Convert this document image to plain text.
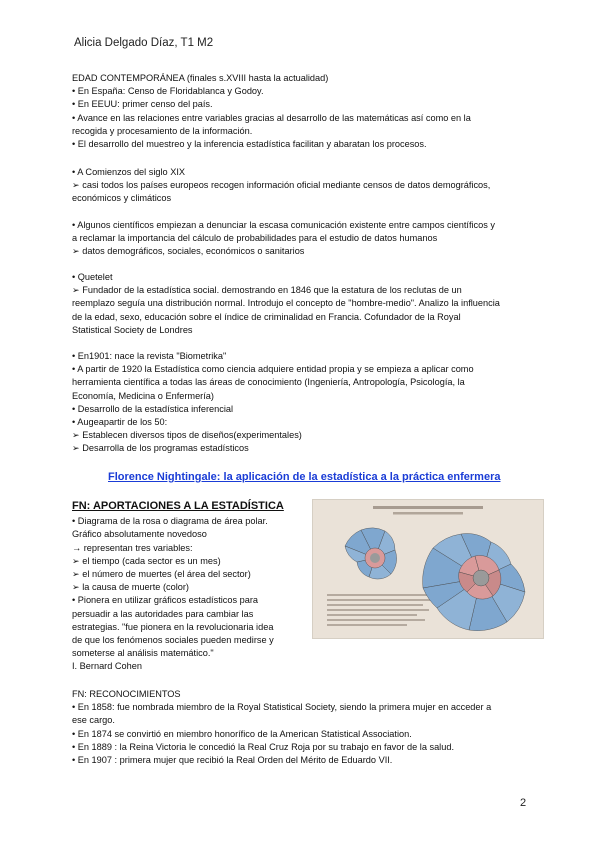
Alicia Delgado Díaz, T1 M2
EDAD CONTEMPORÁNEA (finales s.XVIII hasta la actualidad)
• En España: Censo de Floridablanca y Godoy.
• En EEUU: primer censo del país.
• Avance en las relaciones entre variables gracias al desarrollo de las matemáticas así como en la
recogida y procesamiento de la información.
• El desarrollo del muestreo y la inferencia estadística facilitan y abaratan los procesos.
• A Comienzos del siglo XIX
➢ casi todos los países europeos recogen información oficial mediante censos de datos demográficos,
económicos y climáticos
• Algunos científicos empiezan a denunciar la escasa comunicación existente entre campos científicos y
a reclamar la importancia del cálculo de probabilidades para el estudio de datos humanos
➢ datos demográficos, sociales, económicos o sanitarios
• Quetelet
➢ Fundador de la estadística social. demostrando en 1846 que la estatura de los reclutas de un
reemplazo seguía una distribución normal. Introdujo el concepto de "hombre-medio". Analizo la influencia
de la edad, sexo, educación sobre el índice de criminalidad en Francia. Cofundador de la Royal
Statistical Society de Londres
• En1901: nace la revista "Biometrika"
• A partir de 1920 la Estadística como ciencia adquiere entidad propia y se empieza a aplicar como
herramienta científica a todas las áreas de conocimiento (Ingeniería, Antropología, Psicología, la
Economía, Medicina o Enfermería)
• Desarrollo de la estadística inferencial
• Augeapartir de los 50:
➢ Establecen diversos tipos de diseños(experimentales)
➢ Desarrolla de los programas estadísticos
Florence Nightingale: la aplicación de la estadística a la práctica enfermera
FN: APORTACIONES A LA ESTADÍSTICA
• Diagrama de la rosa o diagrama de área polar.
Gráfico absolutamente novedoso
→ representan tres variables:
➢ el tiempo (cada sector es un mes)
➢ el número de muertes (el área del sector)
➢ la causa de muerte (color)
• Pionera en utilizar gráficos estadísticos para
persuadir a las autoridades para cambiar las
estrategias. "fue pionera en la revolucionaria idea
de que los fenómenos sociales pueden medirse y
someterse al análisis matemático."
I. Bernard Cohen
FN: RECONOCIMIENTOS
• En 1858: fue nombrada miembro de la Royal Statistical Society, siendo la primera mujer en acceder a
ese cargo.
• En 1874 se convirtió en miembro honorífico de la American Statistical Association.
• En 1889 : la Reina Victoria le concedió la Real Cruz Roja por su trabajo en favor de la salud.
• En 1907 : primera mujer que recibió la Real Orden del Mérito de Eduardo VII.
2
